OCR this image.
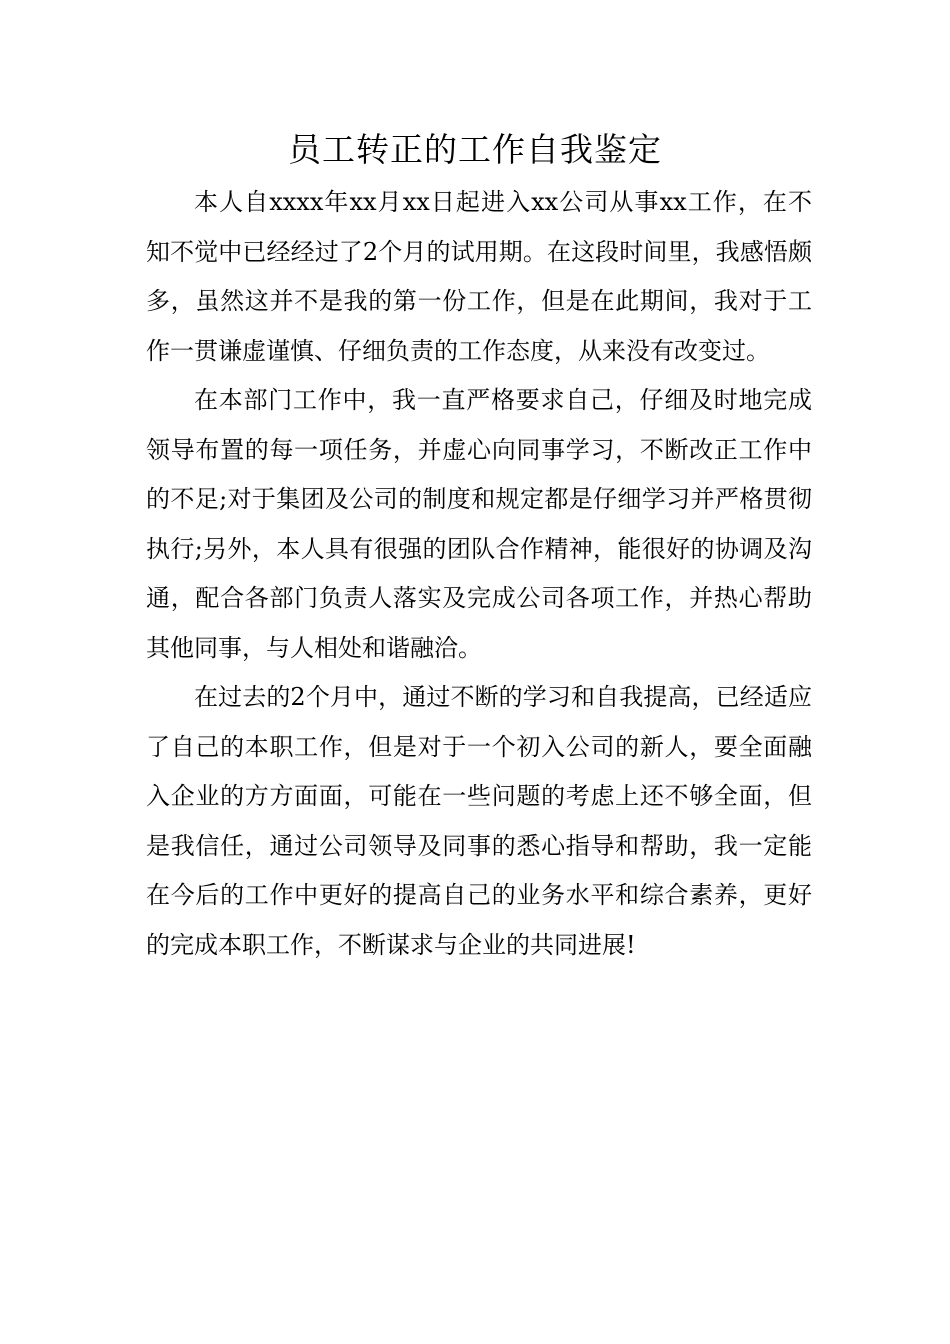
员工转正的工作自我鉴定

本人自xxxx年xx月xx日起进入xx公司从事xx工作，在不知不觉中已经经过了2个月的试用期。在这段时间里，我感悟颇多，虽然这并不是我的第一份工作，但是在此期间，我对于工作一贯谦虚谨慎、仔细负责的工作态度，从来没有改变过。

在本部门工作中，我一直严格要求自己，仔细及时地完成领导布置的每一项任务，并虚心向同事学习，不断改正工作中的不足;对于集团及公司的制度和规定都是仔细学习并严格贯彻执行;另外，本人具有很强的团队合作精神，能很好的协调及沟通，配合各部门负责人落实及完成公司各项工作，并热心帮助其他同事，与人相处和谐融洽。

在过去的2个月中，通过不断的学习和自我提高，已经适应了自己的本职工作，但是对于一个初入公司的新人，要全面融入企业的方方面面，可能在一些问题的考虑上还不够全面，但是我信任，通过公司领导及同事的悉心指导和帮助，我一定能在今后的工作中更好的提高自己的业务水平和综合素养，更好的完成本职工作，不断谋求与企业的共同进展!
